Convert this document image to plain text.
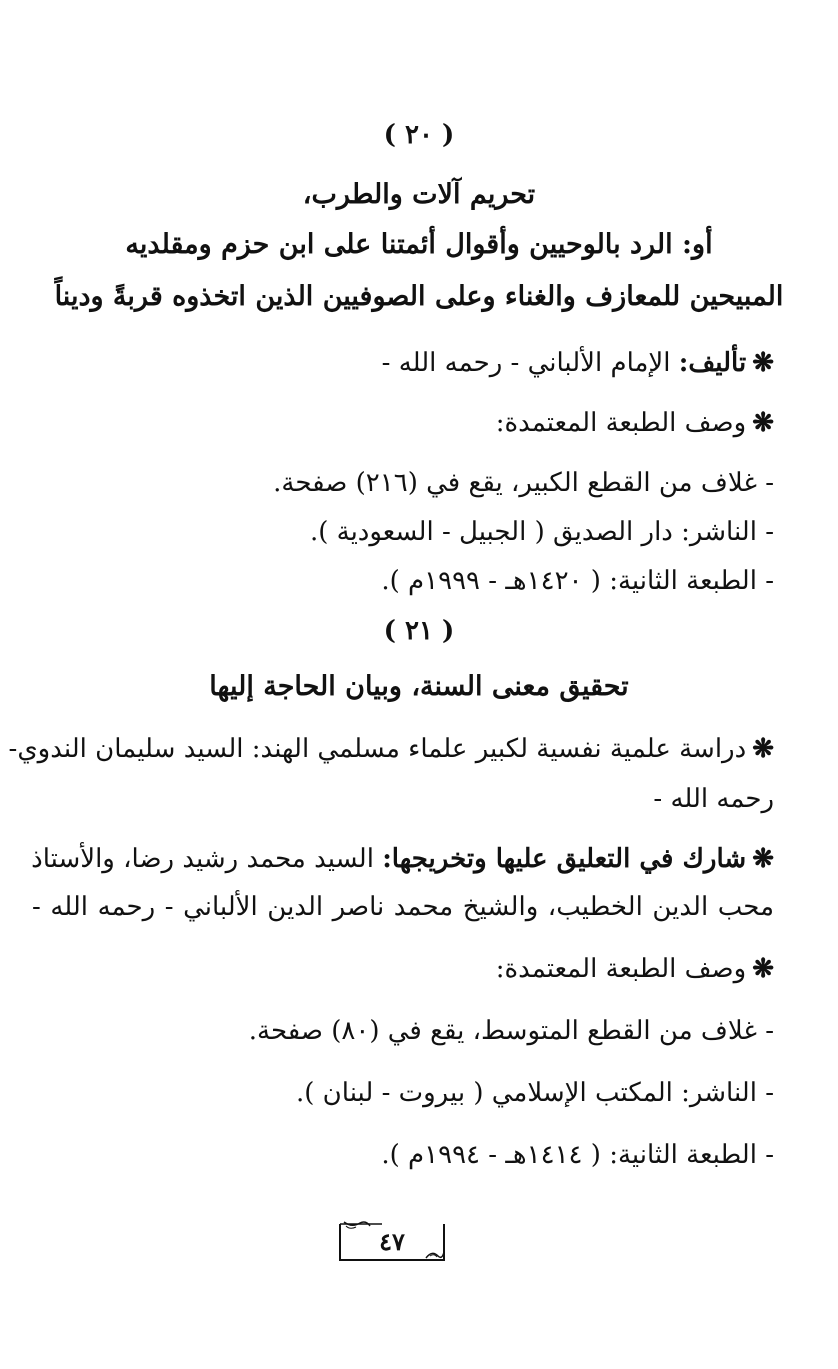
( ٢٠ )
تحريم آلات والطرب،
أو: الرد بالوحيين وأقوال أئمتنا على ابن حزم ومقلديه
المبيحين للمعازف والغناء وعلى الصوفيين الذين اتخذوه قربةً وديناً
❋تأليف: الإمام الألباني - رحمه الله -
❋وصف الطبعة المعتمدة:
- غلاف من القطع الكبير، يقع في (٢١٦) صفحة.
- الناشر: دار الصديق ( الجبيل - السعودية ).
- الطبعة الثانية: ( ١٤٢٠هـ - ١٩٩٩م ).
( ٢١ )
تحقيق معنى السنة، وبيان الحاجة إليها
❋دراسة علمية نفسية لكبير علماء مسلمي الهند: السيد سليمان الندوي-
رحمه الله -
❋شارك في التعليق عليها وتخريجها: السيد محمد رشيد رضا، والأستاذ
محب الدين الخطيب، والشيخ محمد ناصر الدين الألباني - رحمه الله -
❋وصف الطبعة المعتمدة:
- غلاف من القطع المتوسط، يقع في (٨٠) صفحة.
- الناشر: المكتب الإسلامي ( بيروت - لبنان ).
- الطبعة الثانية: ( ١٤١٤هـ - ١٩٩٤م ).
٤٧
